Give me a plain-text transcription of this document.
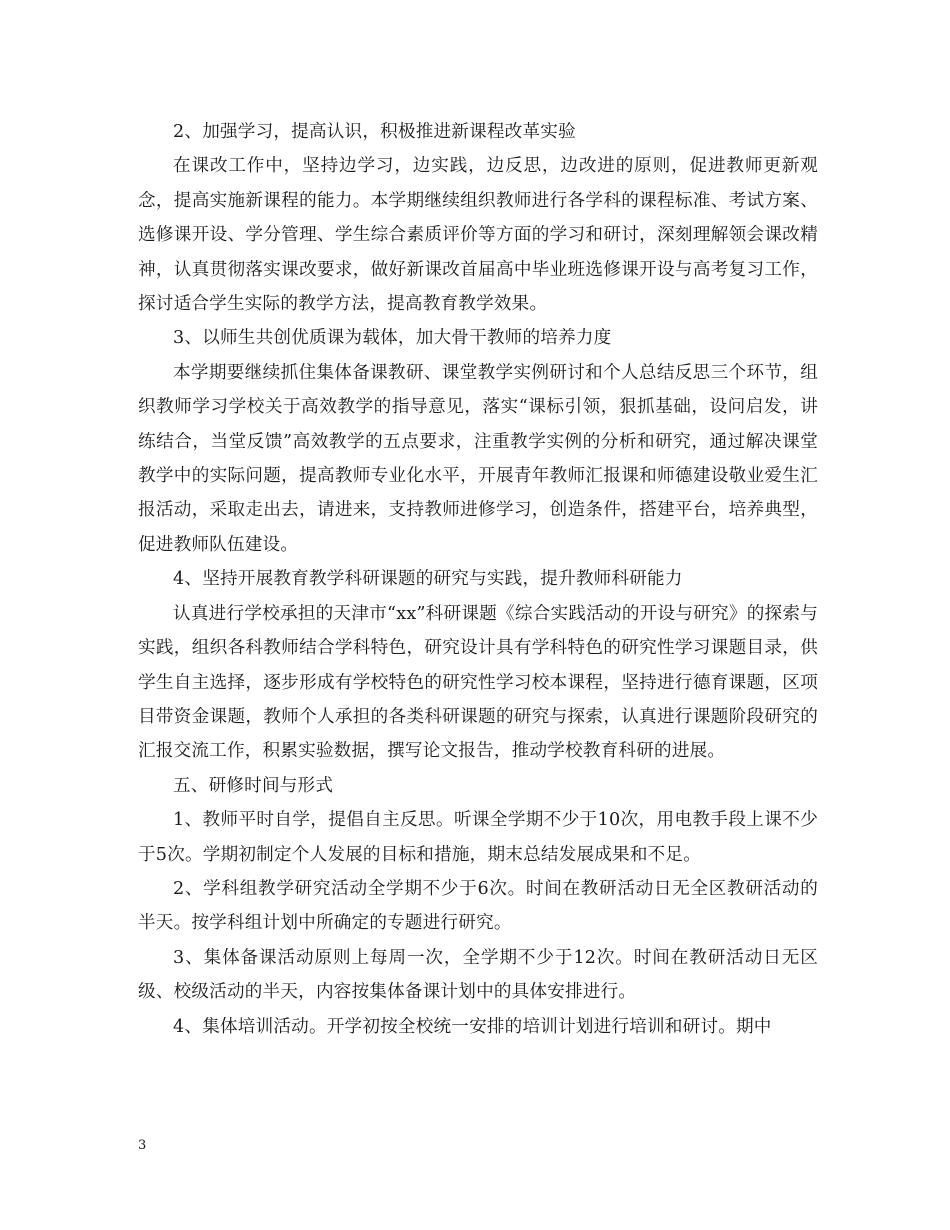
2、加强学习，提高认识，积极推进新课程改革实验

在课改工作中，坚持边学习，边实践，边反思，边改进的原则，促进教师更新观念，提高实施新课程的能力。本学期继续组织教师进行各学科的课程标准、考试方案、选修课开设、学分管理、学生综合素质评价等方面的学习和研讨，深刻理解领会课改精神，认真贯彻落实课改要求，做好新课改首届高中毕业班选修课开设与高考复习工作，探讨适合学生实际的教学方法，提高教育教学效果。

3、以师生共创优质课为载体，加大骨干教师的培养力度

本学期要继续抓住集体备课教研、课堂教学实例研讨和个人总结反思三个环节，组织教师学习学校关于高效教学的指导意见，落实“课标引领，狠抓基础，设问启发，讲练结合，当堂反馈”高效教学的五点要求，注重教学实例的分析和研究，通过解决课堂教学中的实际问题，提高教师专业化水平，开展青年教师汇报课和师德建设敬业爱生汇报活动，采取走出去，请进来，支持教师进修学习，创造条件，搭建平台，培养典型，促进教师队伍建设。

4、坚持开展教育教学科研课题的研究与实践，提升教师科研能力

认真进行学校承担的天津市“xx”科研课题《综合实践活动的开设与研究》的探索与实践，组织各科教师结合学科特色，研究设计具有学科特色的研究性学习课题目录，供学生自主选择，逐步形成有学校特色的研究性学习校本课程，坚持进行德育课题，区项目带资金课题，教师个人承担的各类科研课题的研究与探索，认真进行课题阶段研究的汇报交流工作，积累实验数据，撰写论文报告，推动学校教育科研的进展。

五、研修时间与形式

1、教师平时自学，提倡自主反思。听课全学期不少于10次，用电教手段上课不少于5次。学期初制定个人发展的目标和措施，期末总结发展成果和不足。

2、学科组教学研究活动全学期不少于6次。时间在教研活动日无全区教研活动的半天。按学科组计划中所确定的专题进行研究。

3、集体备课活动原则上每周一次，全学期不少于12次。时间在教研活动日无区级、校级活动的半天，内容按集体备课计划中的具体安排进行。

4、集体培训活动。开学初按全校统一安排的培训计划进行培训和研讨。期中

3
